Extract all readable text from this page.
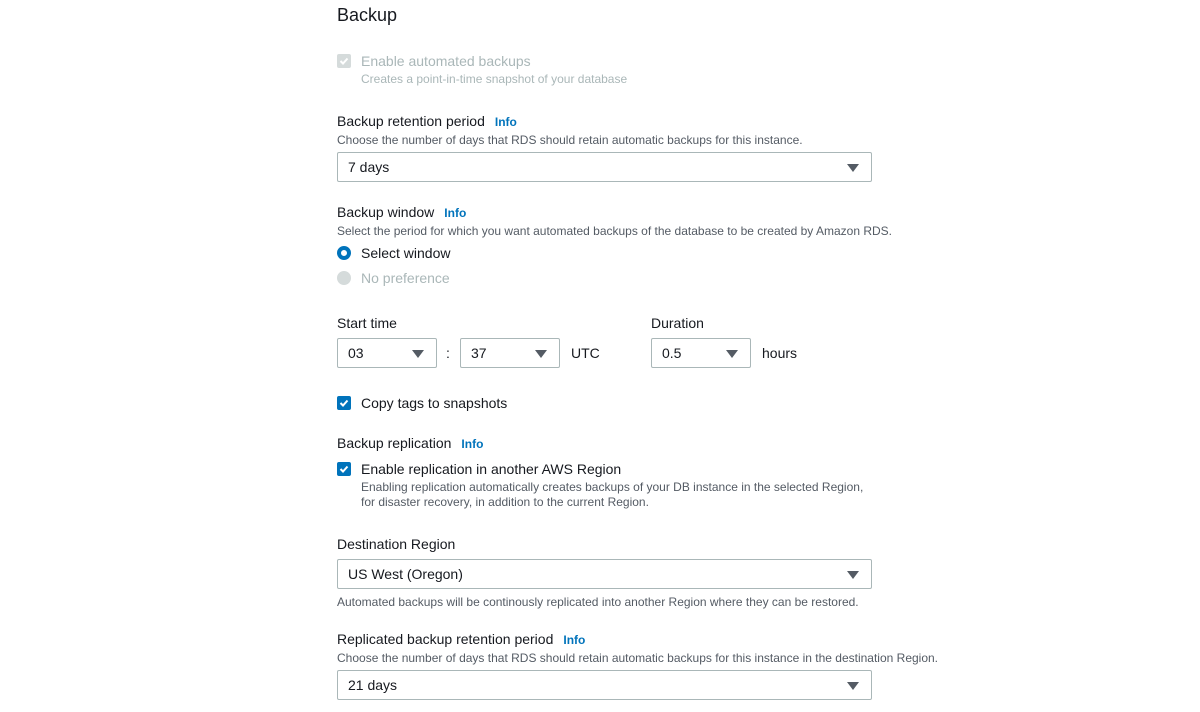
Backup
Enable automated backups
Creates a point-in-time snapshot of your database
Backup retention period Info
Choose the number of days that RDS should retain automatic backups for this instance.
7 days
Backup window Info
Select the period for which you want automated backups of the database to be created by Amazon RDS.
Select window
No preference
Start time
03	: 37	UTC
Duration
0.5	hours
Copy tags to snapshots
Backup replication Info
Enable replication in another AWS Region
Enabling replication automatically creates backups of your DB instance in the selected Region,
for disaster recovery, in addition to the current Region.
Destination Region
US West (Oregon)
Automated backups will be continously replicated into another Region where they can be restored.
Replicated backup retention period Info
Choose the number of days that RDS should retain automatic backups for this instance in the destination Region.
21 days
